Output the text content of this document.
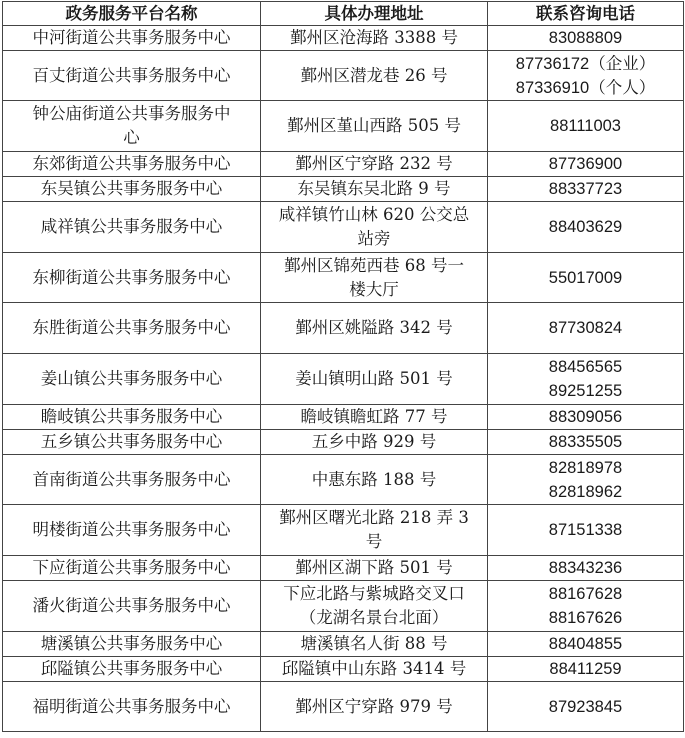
政务服务平台名称	具体办理地址	联系咨询电话
中河街道公共事务服务中心	鄞州区沧海路 3388 号	83088809
百丈街道公共事务服务中心	鄞州区潜龙巷 26 号	87736172（企业）
87336910（个人）
钟公庙街道公共事务服务中
心	鄞州区堇山西路 505 号	88111003
东郊街道公共事务服务中心	鄞州区宁穿路 232 号	87736900
东吴镇公共事务服务中心	东吴镇东吴北路 9 号	88337723
咸祥镇公共事务服务中心	咸祥镇竹山林 620 公交总
站旁	88403629
东柳街道公共事务服务中心	鄞州区锦苑西巷 68 号一
楼大厅	55017009
东胜街道公共事务服务中心	鄞州区姚隘路 342 号	87730824
姜山镇公共事务服务中心	姜山镇明山路 501 号	88456565
89251255
瞻岐镇公共事务服务中心	瞻岐镇瞻虹路 77 号	88309056
五乡镇公共事务服务中心	五乡中路 929 号	88335505
首南街道公共事务服务中心	中惠东路 188 号	82818978
82818962
明楼街道公共事务服务中心	鄞州区曙光北路 218 弄 3
号	87151338
下应街道公共事务服务中心	鄞州区湖下路 501 号	88343236
潘火街道公共事务服务中心	下应北路与紫城路交叉口
（龙湖名景台北面）	88167628
88167626
塘溪镇公共事务服务中心	塘溪镇名人街 88 号	88404855
邱隘镇公共事务服务中心	邱隘镇中山东路 3414 号	88411259
福明街道公共事务服务中心	鄞州区宁穿路 979 号	87923845
